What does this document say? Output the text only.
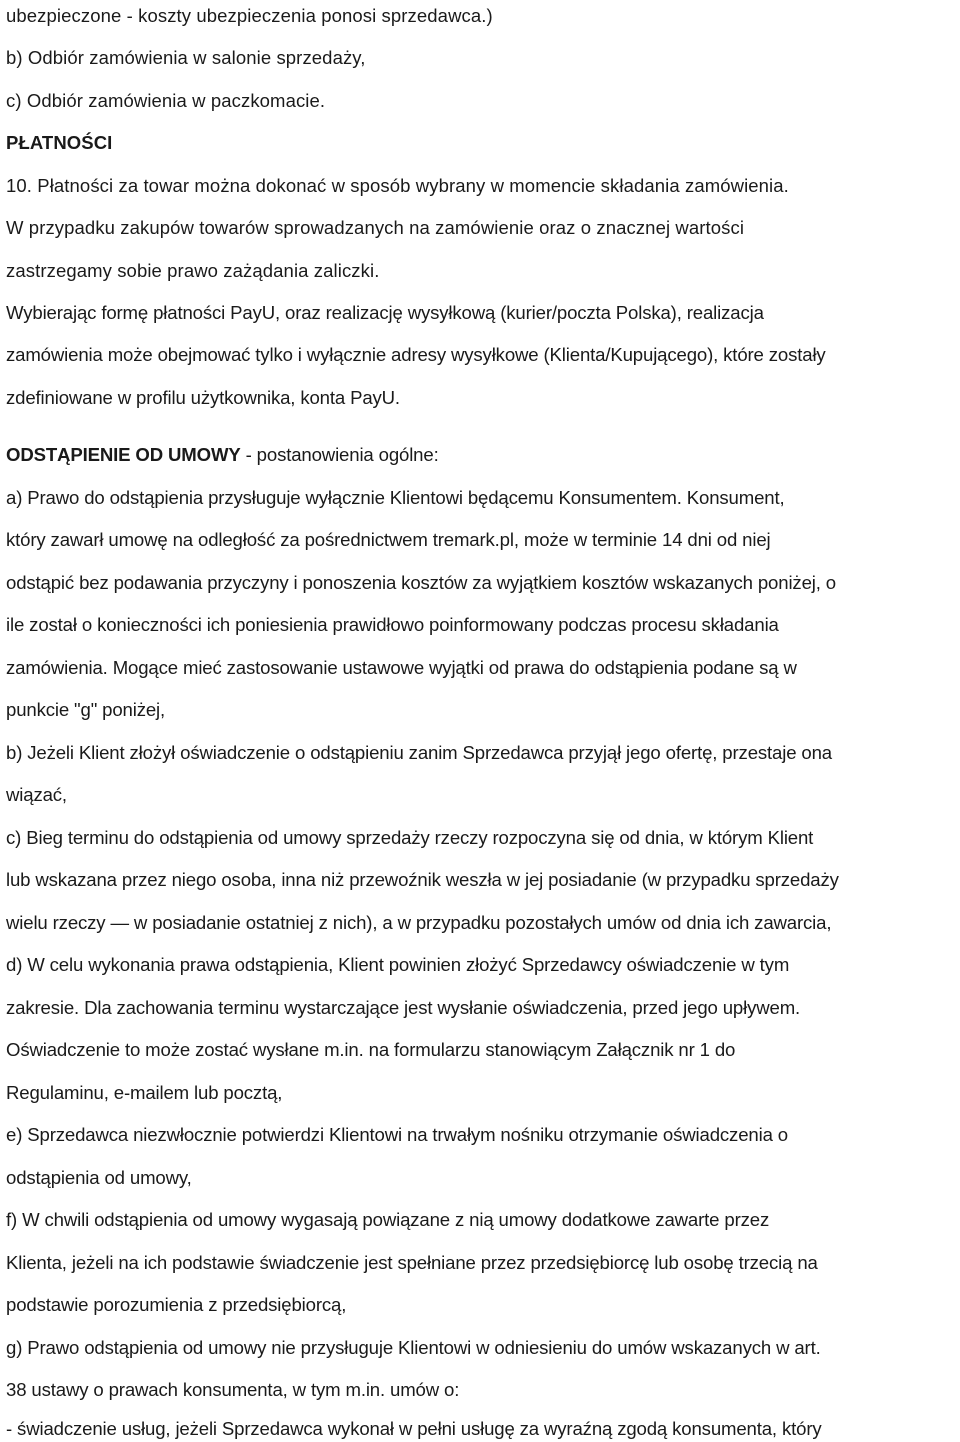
ubezpieczone - koszty ubezpieczenia ponosi sprzedawca.)
b) Odbiór zamówienia w salonie sprzedaży,
c) Odbiór zamówienia w paczkomacie.
PŁATNOŚCI
10. Płatności za towar można dokonać w sposób wybrany w momencie składania zamówienia.
W przypadku zakupów towarów sprowadzanych na zamówienie oraz o znacznej wartości
zastrzegamy sobie prawo zażądania zaliczki.
Wybierając formę płatności PayU, oraz realizację wysyłkową (kurier/poczta Polska), realizacja
zamówienia może obejmować tylko i wyłącznie adresy wysyłkowe (Klienta/Kupującego), które zostały
zdefiniowane w profilu użytkownika, konta PayU.
ODSTĄPIENIE OD UMOWY - postanowienia ogólne:
a) Prawo do odstąpienia przysługuje wyłącznie Klientowi będącemu Konsumentem. Konsument,
który zawarł umowę na odległość za pośrednictwem tremark.pl, może w terminie 14 dni od niej
odstąpić bez podawania przyczyny i ponoszenia kosztów za wyjątkiem kosztów wskazanych poniżej, o
ile został o konieczności ich poniesienia prawidłowo poinformowany podczas procesu składania
zamówienia. Mogące mieć zastosowanie ustawowe wyjątki od prawa do odstąpienia podane są w
punkcie "g" poniżej,
b) Jeżeli Klient złożył oświadczenie o odstąpieniu zanim Sprzedawca przyjął jego ofertę, przestaje ona
wiązać,
c) Bieg terminu do odstąpienia od umowy sprzedaży rzeczy rozpoczyna się od dnia, w którym Klient
lub wskazana przez niego osoba, inna niż przewoźnik weszła w jej posiadanie (w przypadku sprzedaży
wielu rzeczy — w posiadanie ostatniej z nich), a w przypadku pozostałych umów od dnia ich zawarcia,
d) W celu wykonania prawa odstąpienia, Klient powinien złożyć Sprzedawcy oświadczenie w tym
zakresie. Dla zachowania terminu wystarczające jest wysłanie oświadczenia, przed jego upływem.
Oświadczenie to może zostać wysłane m.in. na formularzu stanowiącym Załącznik nr 1 do
Regulaminu, e-mailem lub pocztą,
e) Sprzedawca niezwłocznie potwierdzi Klientowi na trwałym nośniku otrzymanie oświadczenia o
odstąpienia od umowy,
f) W chwili odstąpienia od umowy wygasają powiązane z nią umowy dodatkowe zawarte przez
Klienta, jeżeli na ich podstawie świadczenie jest spełniane przez przedsiębiorcę lub osobę trzecią na
podstawie porozumienia z przedsiębiorcą,
g) Prawo odstąpienia od umowy nie przysługuje Klientowi w odniesieniu do umów wskazanych w art.
38 ustawy o prawach konsumenta, w tym m.in. umów o:
- świadczenie usług, jeżeli Sprzedawca wykonał w pełni usługę za wyraźną zgodą konsumenta, który
